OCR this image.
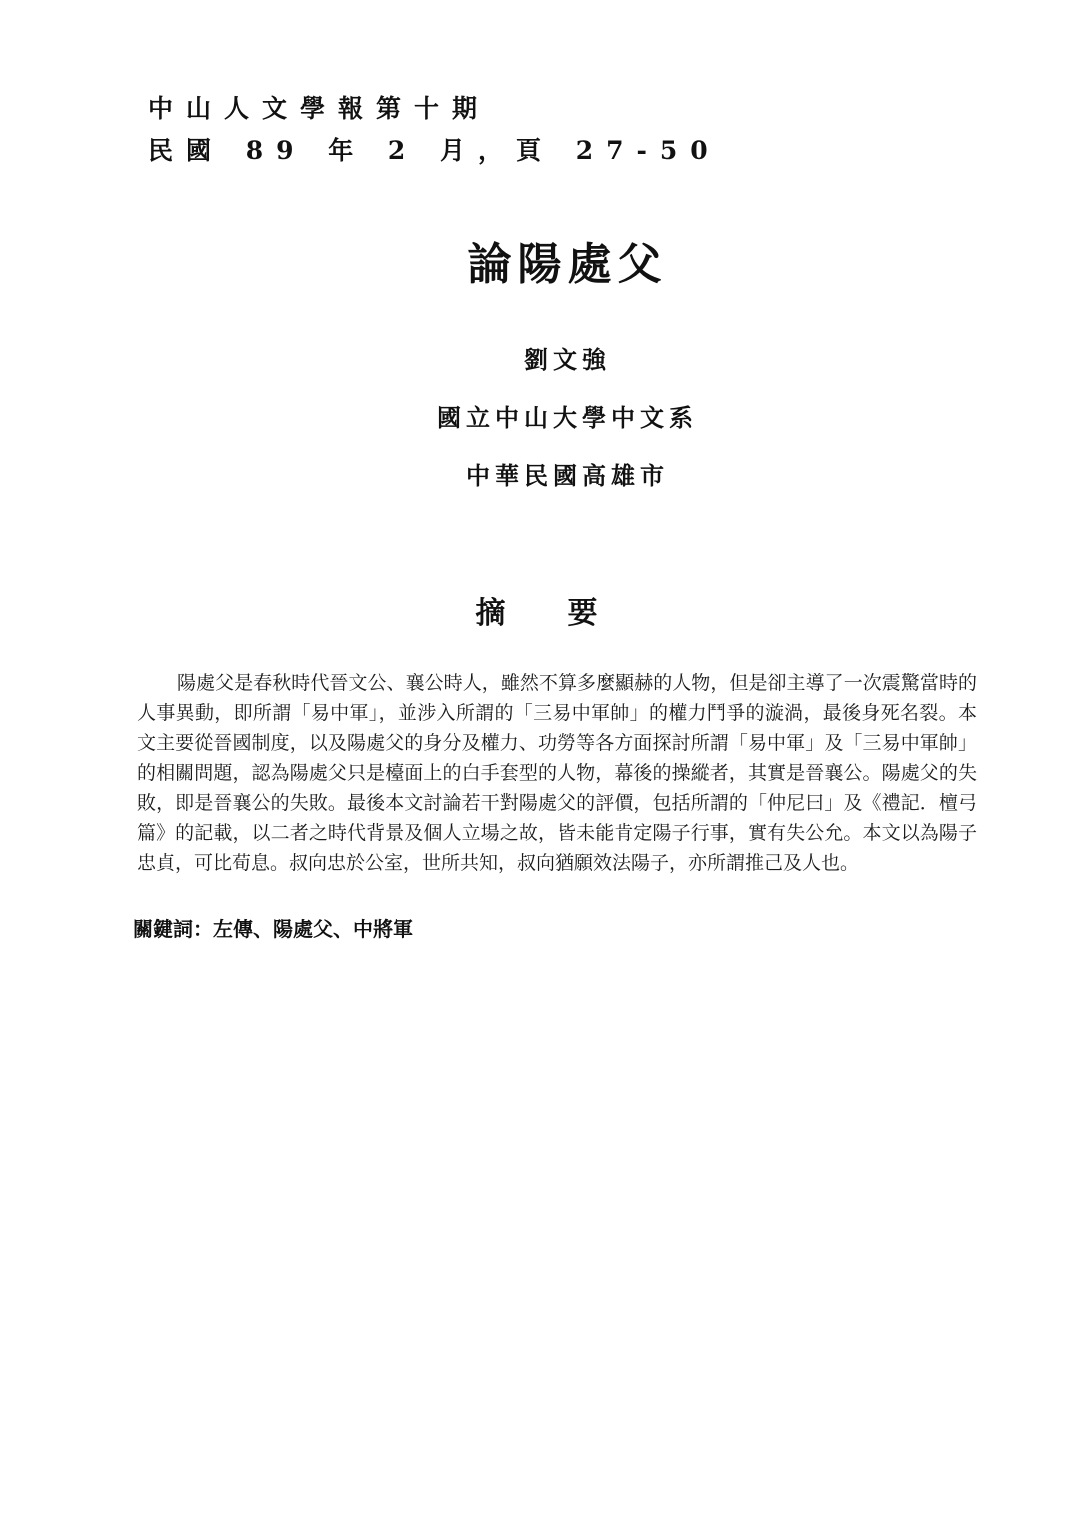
中山人文學報第十期
民國 89 年 2 月，頁 27-50
論陽處父
劉文強
國立中山大學中文系
中華民國高雄市
摘要
陽處父是春秋時代晉文公、襄公時人，雖然不算多麼顯赫的人物，但是卻主導了一次震驚當時的人事異動，即所謂「易中軍」，並涉入所謂的「三易中軍帥」的權力鬥爭的漩渦，最後身死名裂。本文主要從晉國制度，以及陽處父的身分及權力、功勞等各方面探討所謂「易中軍」及「三易中軍帥」的相關問題，認為陽處父只是檯面上的白手套型的人物，幕後的操縱者，其實是晉襄公。陽處父的失敗，即是晉襄公的失敗。最後本文討論若干對陽處父的評價，包括所謂的「仲尼曰」及《禮記．檀弓篇》的記載，以二者之時代背景及個人立場之故，皆未能肯定陽子行事，實有失公允。本文以為陽子忠貞，可比荀息。叔向忠於公室，世所共知，叔向猶願效法陽子，亦所謂推己及人也。
關鍵詞：左傳、陽處父、中將軍
